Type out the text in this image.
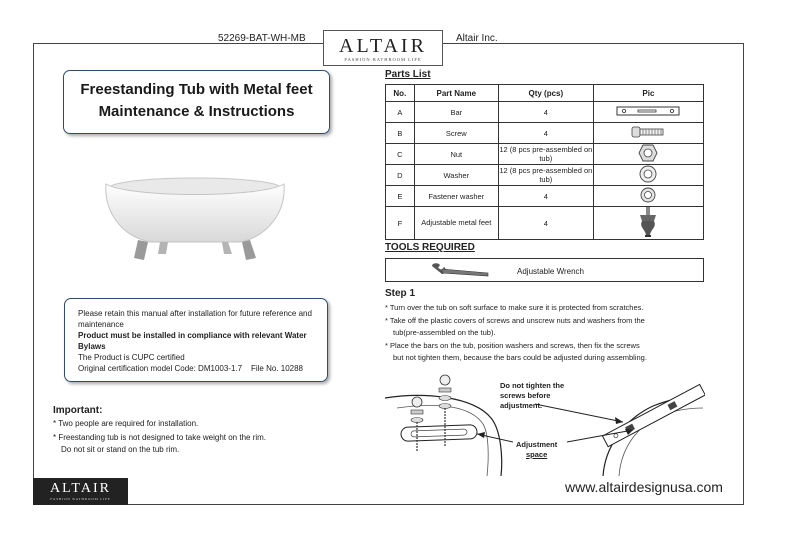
52269-BAT-WH-MB	Altair Inc.
ALTAIR
FASHION BATHROOM LIFE
Freestanding Tub with Metal feet
Maintenance & Instructions
Please retain this manual after installation for future reference and
maintenance
Product must be installed in compliance with relevant Water
Bylaws
The Product is CUPC certified
Original certification model Code: DM1003-1.7    File No. 10288
Important:
* Two people are required for installation.
* Freestanding tub is not designed to take weight on the rim.
Do not sit or stand on the tub rim.
ALTAIR
FASHION BATHROOM LIFE
www.altairdesignusa.com
Parts List
No.	Part Name	Qty (pcs)	Pic
A	Bar	4	
B	Screw	4	
C	Nut	12 (8 pcs pre-assembled on tub)	
D	Washer	12 (8 pcs pre-assembled on tub)	
E	Fastener washer	4	
F	Adjustable metal feet	4	
TOOLS REQUIRED
Adjustable Wrench
Step 1
* Turn over the tub on soft surface to make sure it is protected from scratches.
* Take off the plastic covers of screws and unscrew nuts and washers from the
tub(pre-assembled on the tub).
* Place the bars on the tub, position washers and screws, then fix the screws
but not tighten them, because the bars could be adjusted during assembling.
Do not tighten the
screws before
adjustment.
Adjustment
space
